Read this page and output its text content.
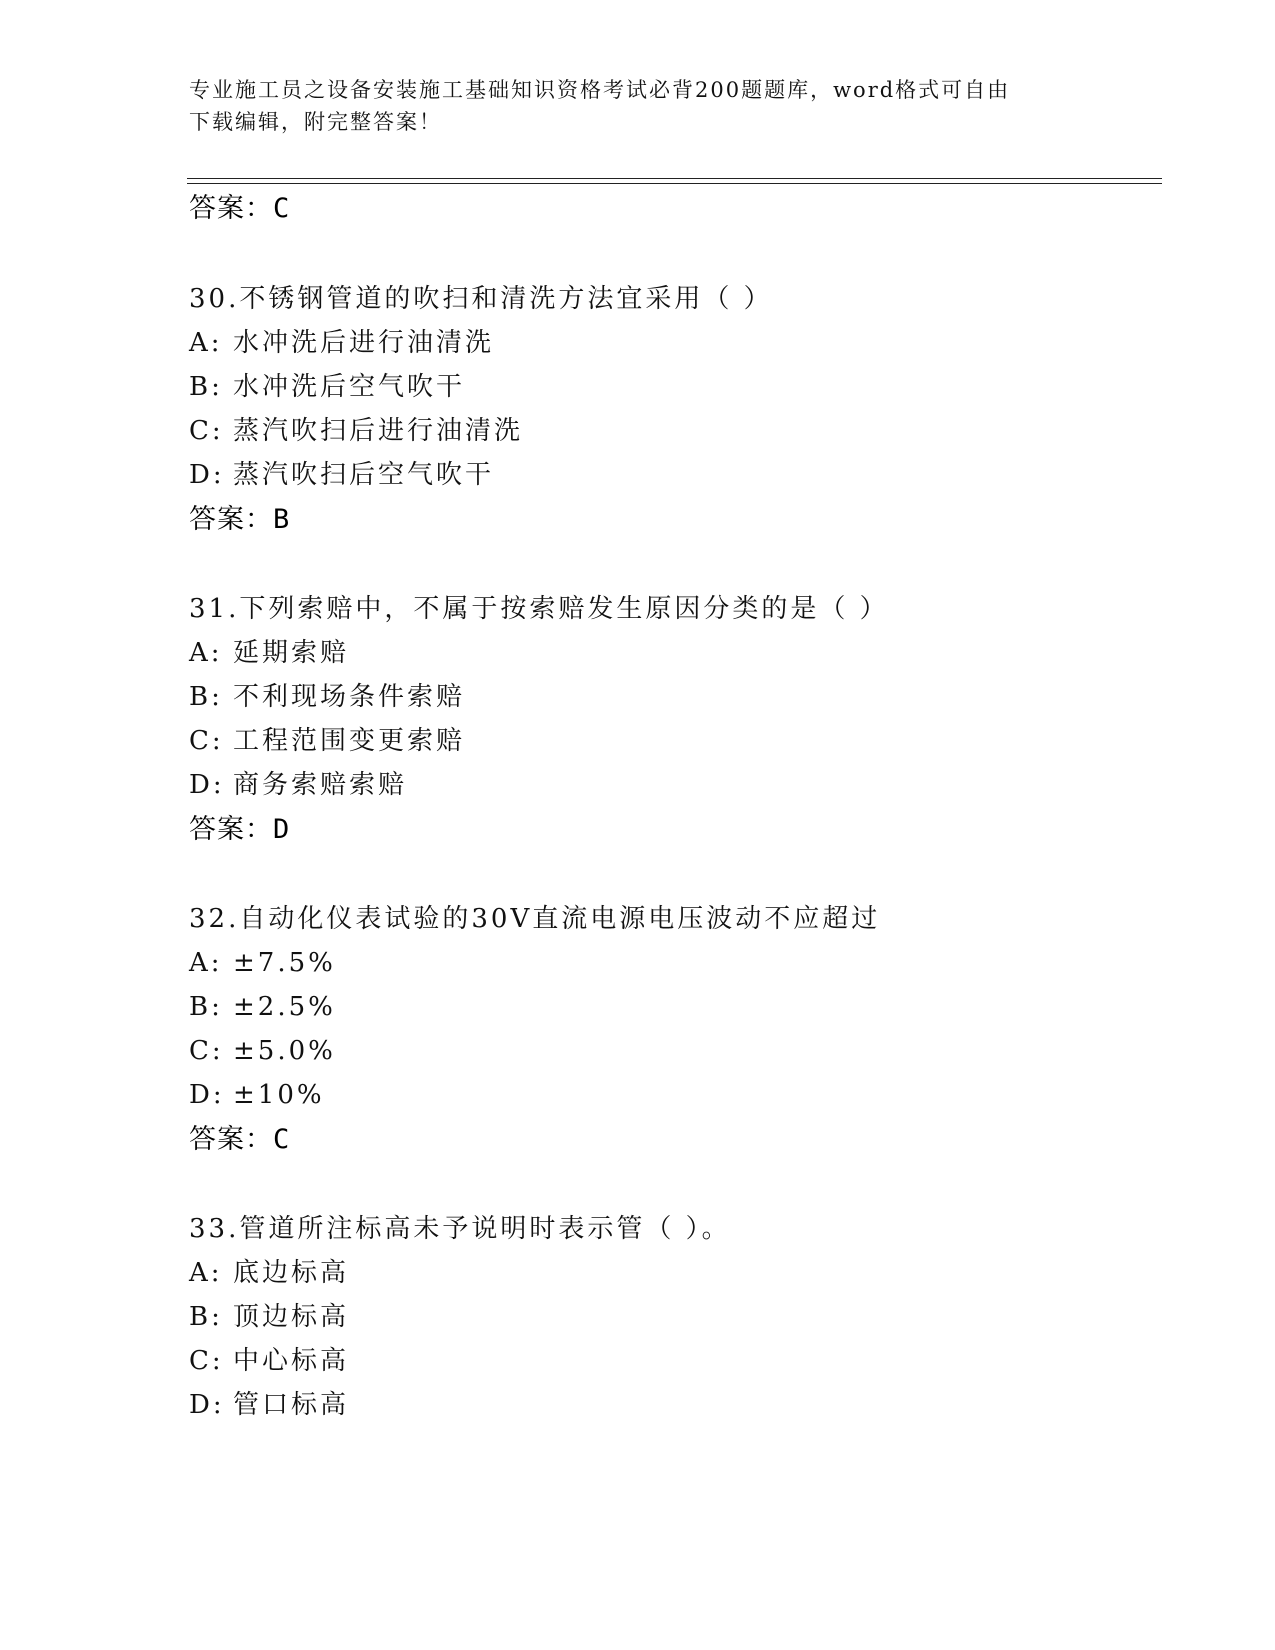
专业施工员之设备安装施工基础知识资格考试必背200题题库，word格式可自由
下载编辑，附完整答案！
答案：C
30.不锈钢管道的吹扫和清洗方法宜采用（ ）
A: 水冲洗后进行油清洗
B: 水冲洗后空气吹干
C: 蒸汽吹扫后进行油清洗
D: 蒸汽吹扫后空气吹干
答案：B
31.下列索赔中，不属于按索赔发生原因分类的是（ ）
A: 延期索赔
B: 不利现场条件索赔
C: 工程范围变更索赔
D: 商务索赔索赔
答案：D
32.自动化仪表试验的30V直流电源电压波动不应超过
A: ±7.5%
B: ±2.5%
C: ±5.0%
D: ±10%
答案：C
33.管道所注标高未予说明时表示管（ ）。
A: 底边标高
B: 顶边标高
C: 中心标高
D: 管口标高
